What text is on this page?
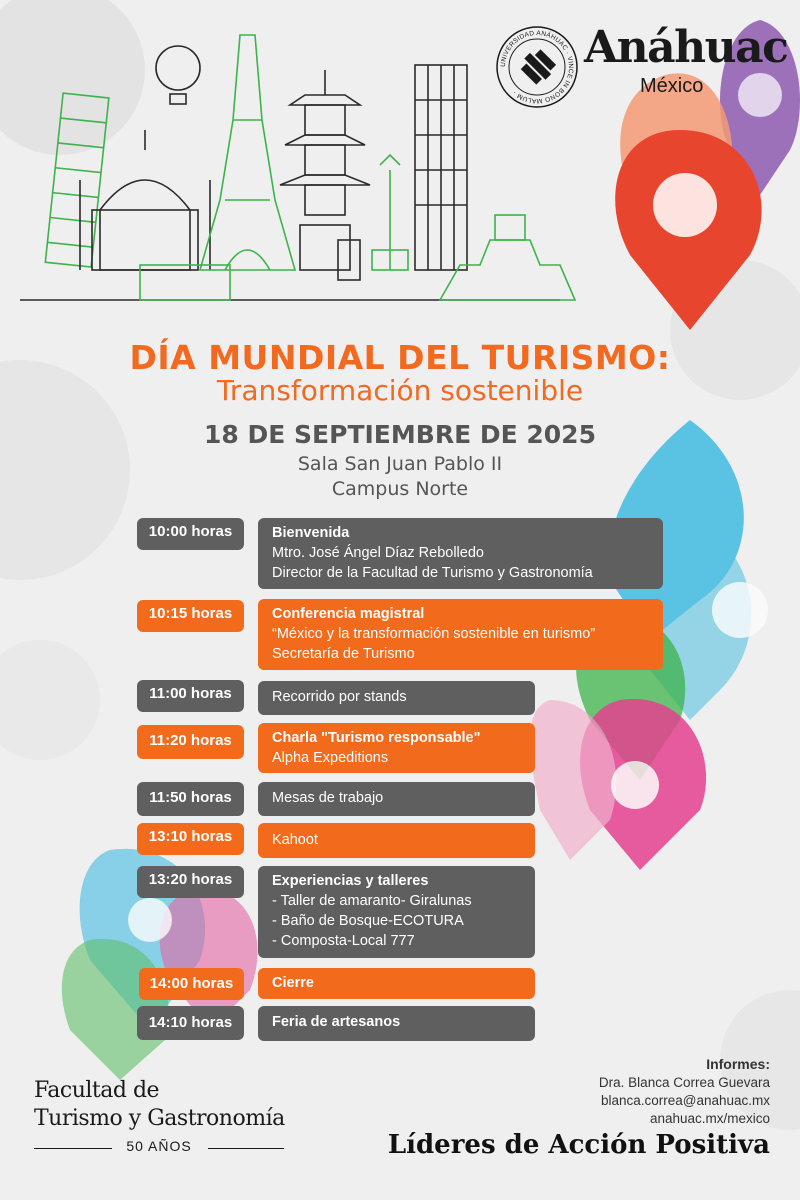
UNIVERSIDAD ANÁHUAC · VINCE IN BONO MALUM ·
Anáhuac
México
DÍA MUNDIAL DEL TURISMO:
Transformación sostenible
18 DE SEPTIEMBRE DE 2025
Sala San Juan Pablo II
Campus Norte
10:00 horas	Bienvenida
Mtro. José Ángel Díaz Rebolledo
Director de la Facultad de Turismo y Gastronomía
10:15 horas	Conferencia magistral
“México y la transformación sostenible en turismo”
Secretaría de Turismo
11:00 horas	Recorrido por stands
11:20 horas	Charla "Turismo responsable"
Alpha Expeditions
11:50 horas	Mesas de trabajo
13:10 horas	Kahoot
13:20 horas	Experiencias y talleres
- Taller de amaranto- Giralunas
- Baño de Bosque-ECOTURA
- Composta-Local 777
14:00 horas	Cierre
14:10 horas	Feria de artesanos
Facultad de
Turismo y Gastronomía
50 AÑOS
Informes:
Dra. Blanca Correa Guevara
blanca.correa@anahuac.mx
anahuac.mx/mexico
Líderes de Acción Positiva
